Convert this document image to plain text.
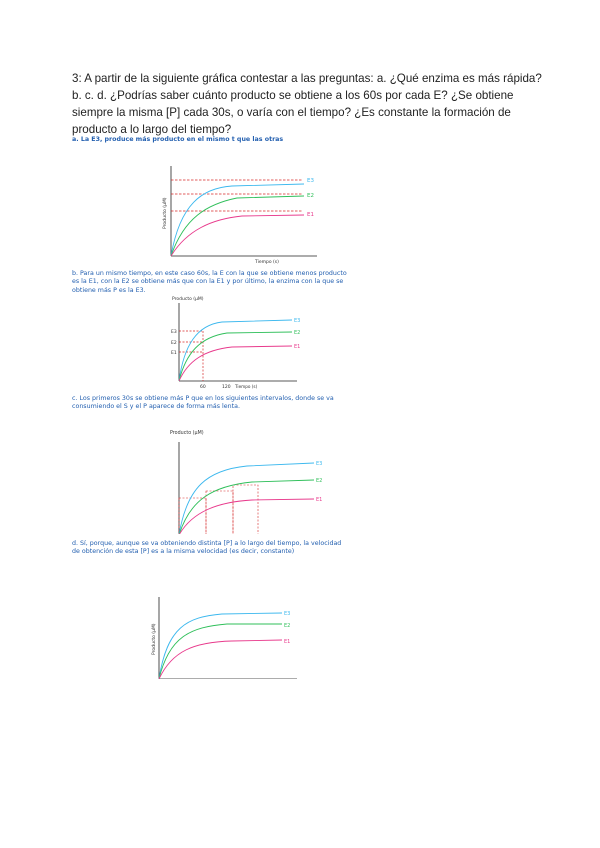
3: A partir de la siguiente gráfica contestar a las preguntas: a. ¿Qué enzima es más rápida?

b. c. d. ¿Podrías saber cuánto producto se obtiene a los 60s por cada E? ¿Se obtiene

siempre la misma [P] cada 30s, o varía con el tiempo? ¿Es constante la formación de

producto a lo largo del tiempo?

a. La E3, produce más producto en el mismo t que las otras

E3
E2
E1
Producto (µM)
Tiempo (s)

b. Para un mismo tiempo, en este caso 60s, la E con la que se obtiene menos producto

es la E1, con la E2 se obtiene más que con la E1 y por último, la enzima con la que se

obtiene más P es la E3.

E3
E2
E1
E3
E2
E1
Producto (µM)
60	120 Tiempo (s)

c. Los primeros 30s se obtiene más P que en los siguientes intervalos, donde se va

consumiendo el S y el P aparece de forma más lenta.

E3
E2
E1
Producto (µM)

d. Sí, porque, aunque se va obteniendo distinta [P] a lo largo del tiempo, la velocidad

de obtención de esta [P] es a la misma velocidad (es decir, constante)

E3
E2
E1
Producto (µM)
